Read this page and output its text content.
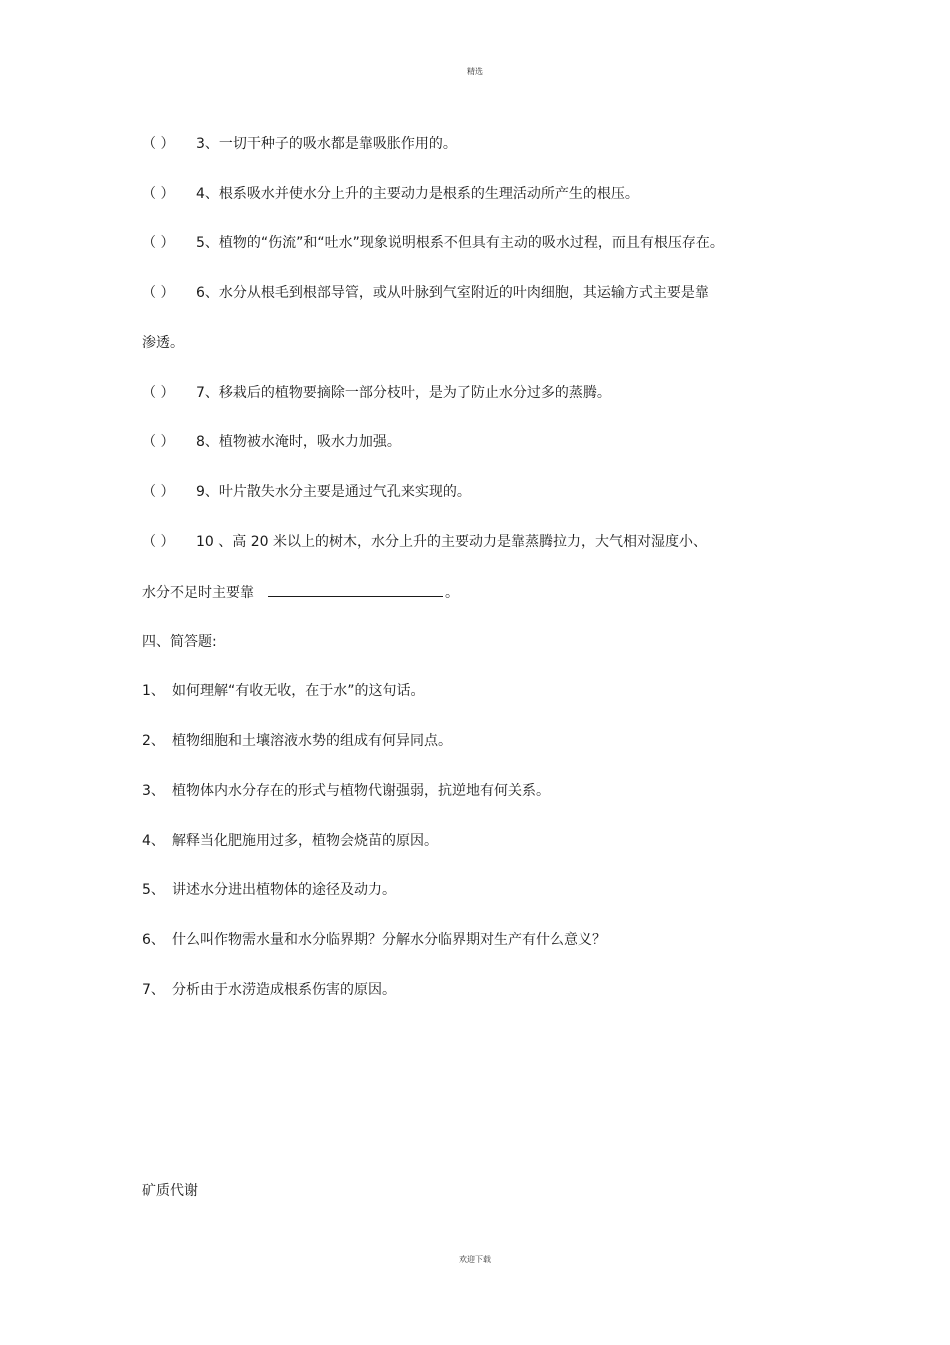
精选
（ ） 3、一切干种子的吸水都是靠吸胀作用的。
（ ） 4、根系吸水并使水分上升的主要动力是根系的生理活动所产生的根压。
（ ） 5、植物的“伤流”和“吐水”现象说明根系不但具有主动的吸水过程，而且有根压存在。
（ ） 6、水分从根毛到根部导管，或从叶脉到气室附近的叶肉细胞，其运输方式主要是靠
渗透。
（ ） 7、移栽后的植物要摘除一部分枝叶，是为了防止水分过多的蒸腾。
（ ） 8、植物被水淹时，吸水力加强。
（ ） 9、叶片散失水分主要是通过气孔来实现的。
（ ） 10 、高 20 米以上的树木，水分上升的主要动力是靠蒸腾拉力，大气相对湿度小、
水分不足时主要靠	。
四、简答题:
1、 如何理解“有收无收，在于水”的这句话。
2、 植物细胞和土壤溶液水势的组成有何异同点。
3、 植物体内水分存在的形式与植物代谢强弱，抗逆地有何关系。
4、 解释当化肥施用过多，植物会烧苗的原因。
5、 讲述水分进出植物体的途径及动力。
6、 什么叫作物需水量和水分临界期？分解水分临界期对生产有什么意义？
7、 分析由于水涝造成根系伤害的原因。
矿质代谢
欢迎下载
